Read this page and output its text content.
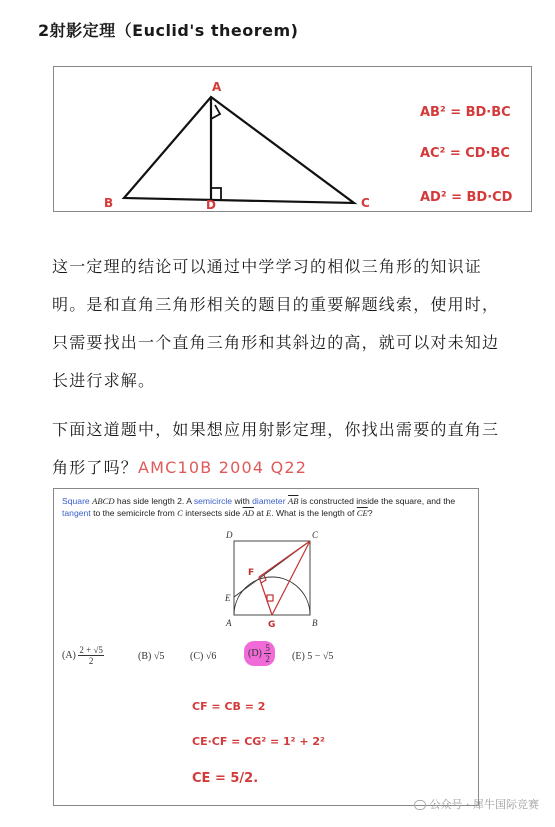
2射影定理（Euclid's theorem)
A
B	D	C
AB² = BD·BC
AC² = CD·BC
AD² = BD·CD
这一定理的结论可以通过中学学习的相似三角形的知识证明。是和直角三角形相关的题目的重要解题线索，使用时，只需要找出一个直角三角形和其斜边的高，就可以对未知边长进行求解。
下面这道题中，如果想应用射影定理，你找出需要的直角三角形了吗？AMC10B 2004 Q22
Square ABCD has side length 2. A semicircle with diameter $\overline{AB}$ is constructed inside the square, and the tangent to the semicircle from C intersects side $\overline{AD}$ at E. What is the length of $\overline{CE}$?
D	C
E
A	B
F
G
$(A) \frac{2 + √5}{2}$	(B) √5	(C) √6	$(D) \frac{5}{2} (E) 5 - √5$
CF = CB = 2
CE·CF = CG² = 1² + 2²
CE = 5/2.
公众号 · 犀牛国际竞赛
